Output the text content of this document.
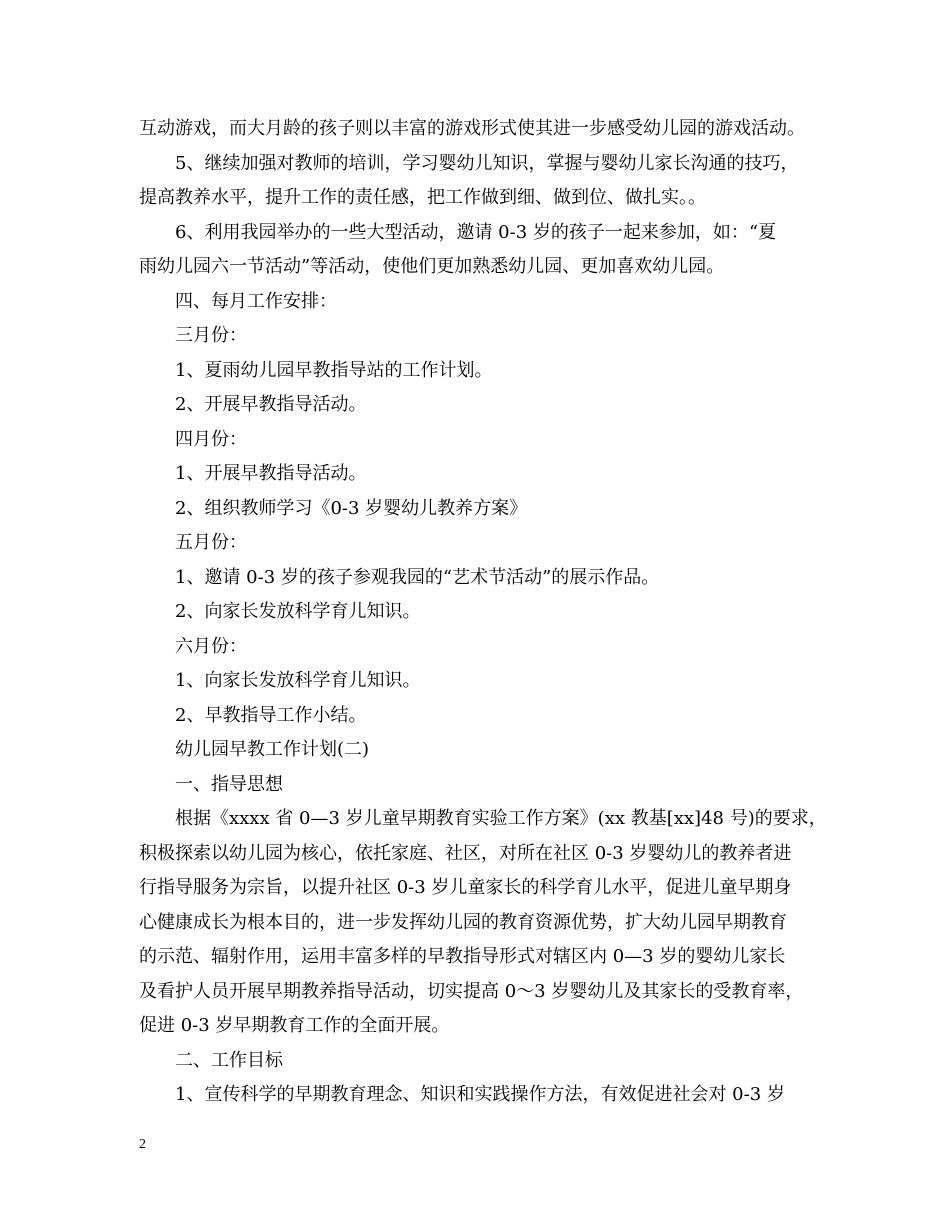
互动游戏，而大月龄的孩子则以丰富的游戏形式使其进一步感受幼儿园的游戏活动。

5、继续加强对教师的培训，学习婴幼儿知识，掌握与婴幼儿家长沟通的技巧，

提高教养水平，提升工作的责任感，把工作做到细、做到位、做扎实。。

6、利用我园举办的一些大型活动，邀请 0-3 岁的孩子一起来参加，如：“夏

雨幼儿园六一节活动”等活动，使他们更加熟悉幼儿园、更加喜欢幼儿园。

四、每月工作安排：

三月份：

1、夏雨幼儿园早教指导站的工作计划。

2、开展早教指导活动。

四月份：

1、开展早教指导活动。

2、组织教师学习《0-3 岁婴幼儿教养方案》

五月份：

1、邀请 0-3 岁的孩子参观我园的“艺术节活动”的展示作品。

2、向家长发放科学育儿知识。

六月份：

1、向家长发放科学育儿知识。

2、早教指导工作小结。

幼儿园早教工作计划(二)

一、指导思想

根据《xxxx 省 0—3 岁儿童早期教育实验工作方案》(xx 教基[xx]48 号)的要求，

积极探索以幼儿园为核心，依托家庭、社区，对所在社区 0-3 岁婴幼儿的教养者进

行指导服务为宗旨，以提升社区 0-3 岁儿童家长的科学育儿水平，促进儿童早期身

心健康成长为根本目的，进一步发挥幼儿园的教育资源优势，扩大幼儿园早期教育

的示范、辐射作用，运用丰富多样的早教指导形式对辖区内 0—3 岁的婴幼儿家长

及看护人员开展早期教养指导活动，切实提高 0～3 岁婴幼儿及其家长的受教育率，

促进 0-3 岁早期教育工作的全面开展。

二、工作目标

1、宣传科学的早期教育理念、知识和实践操作方法，有效促进社会对 0-3 岁

2
